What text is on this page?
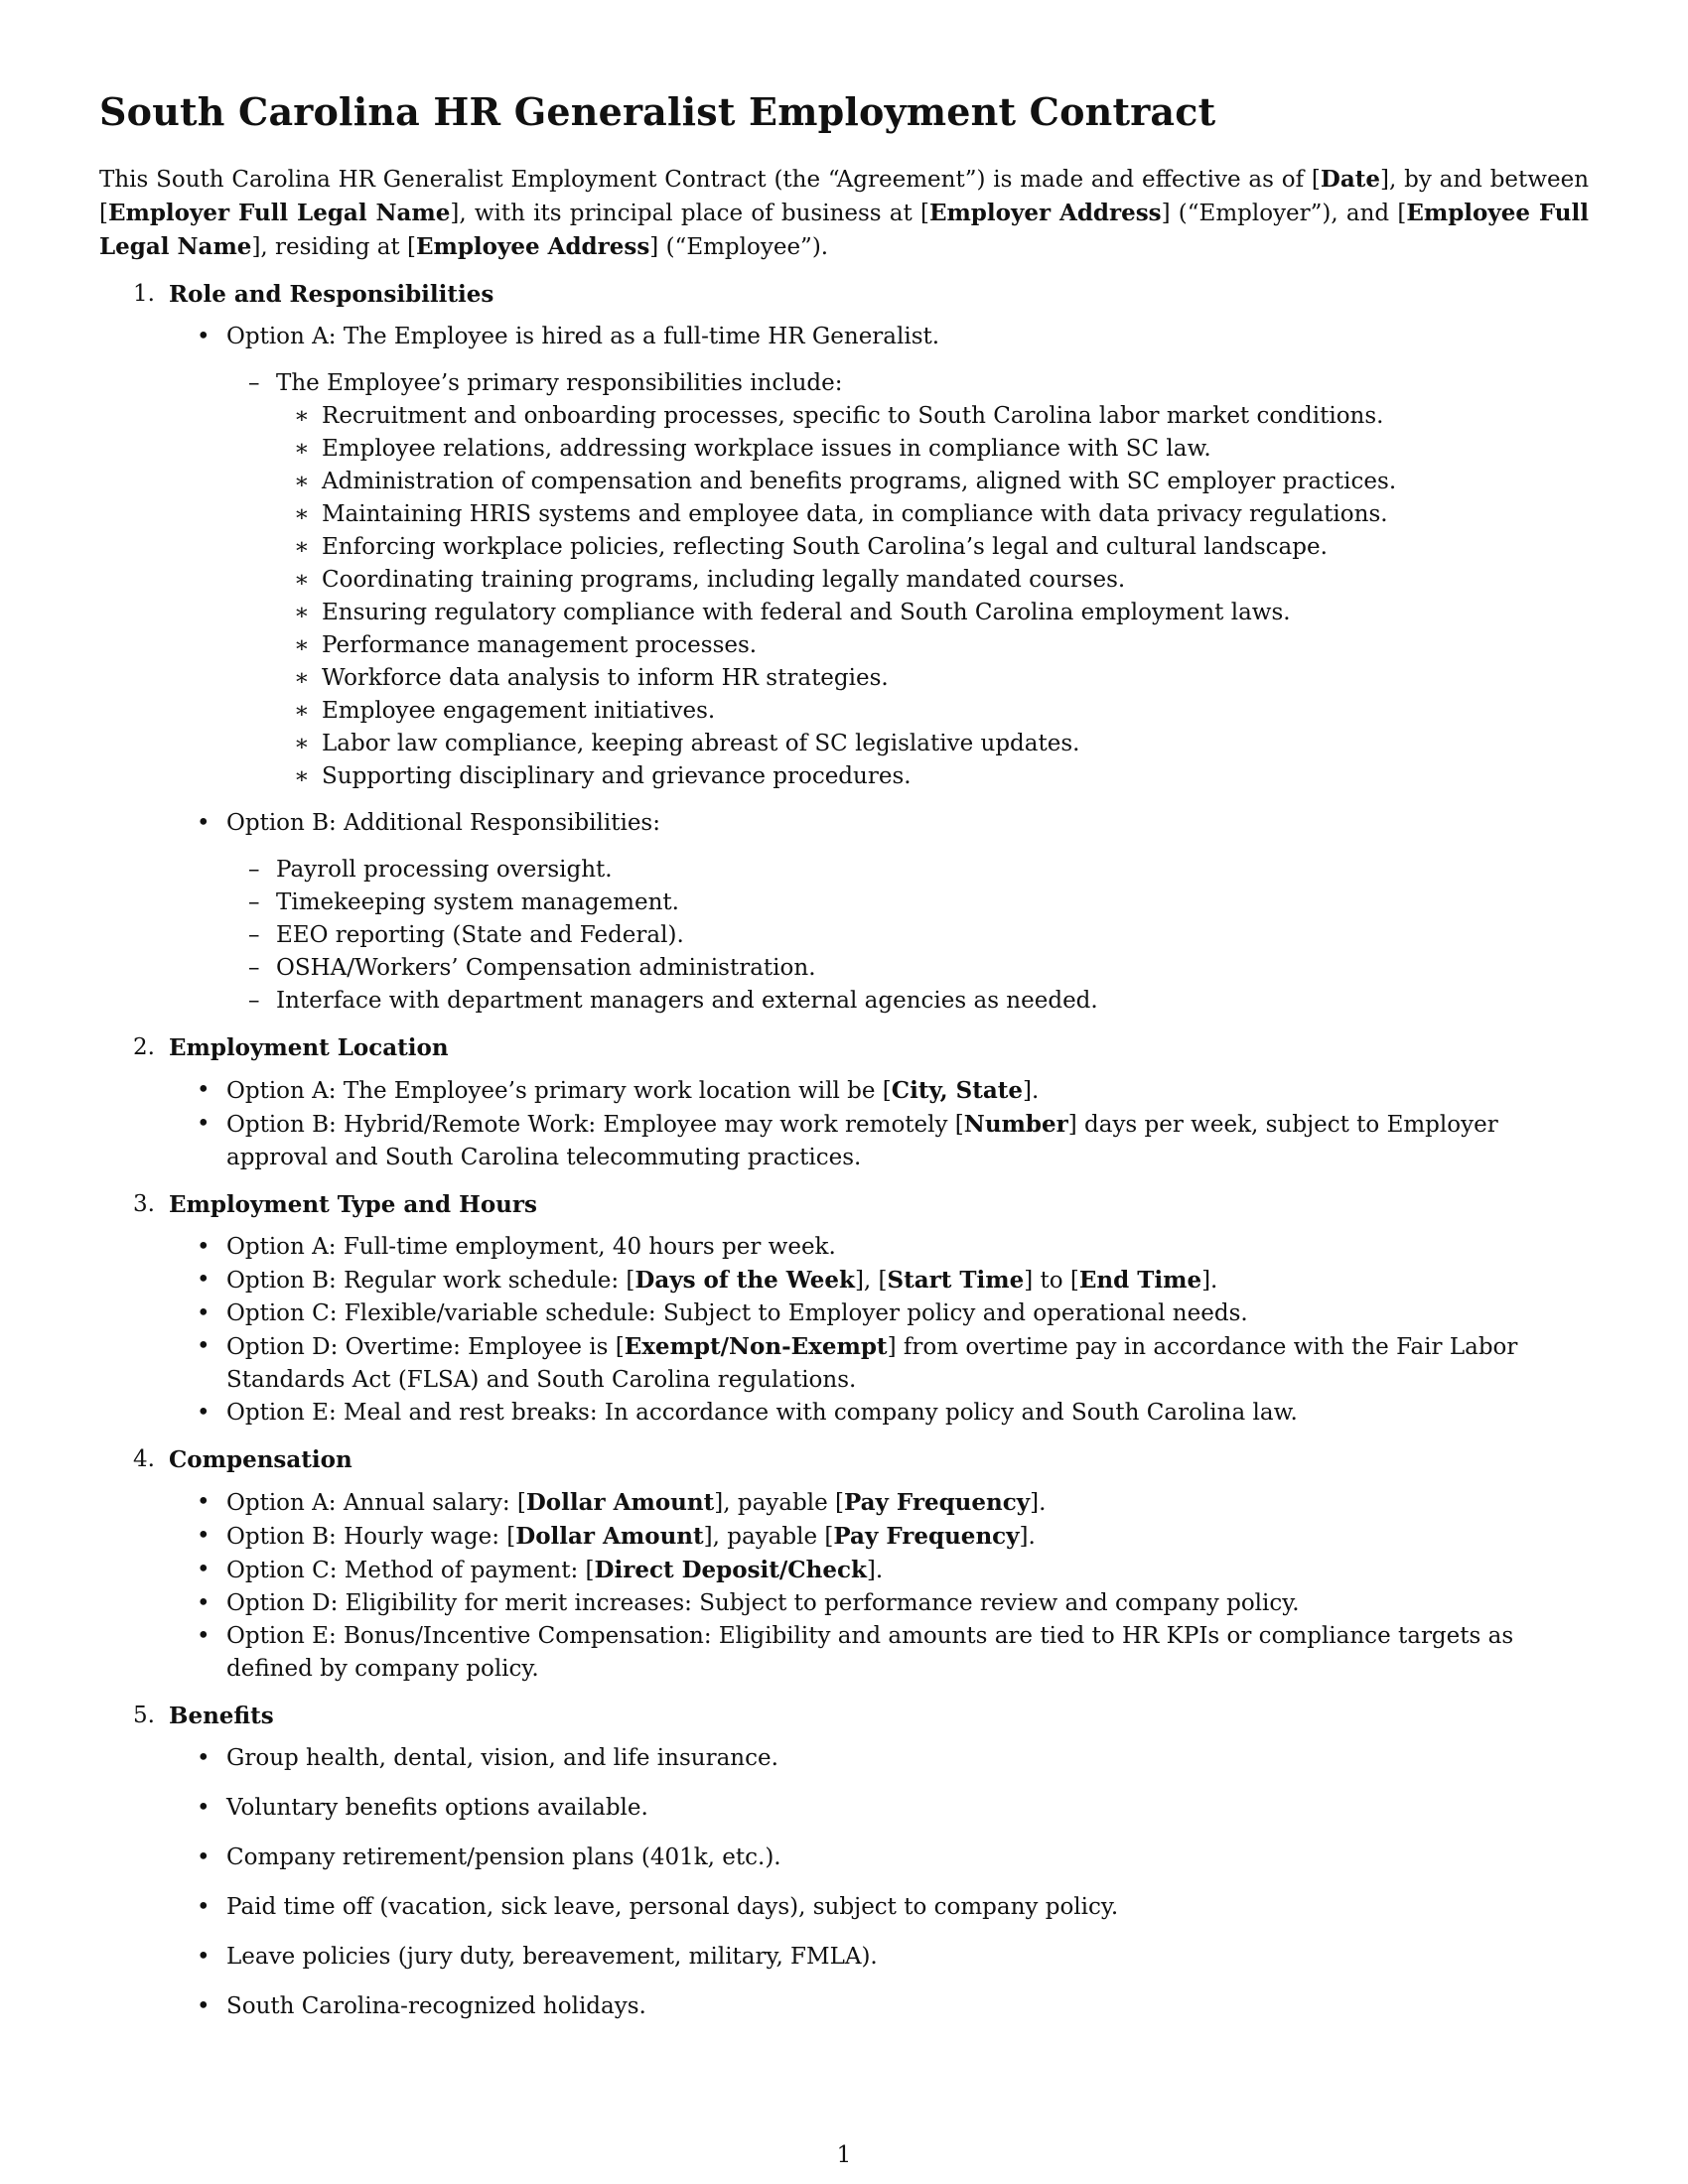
South Carolina HR Generalist Employment Contract

This South Carolina HR Generalist Employment Contract (the “Agreement”) is made and effective as of [Date], by and between [Employer Full Legal Name], with its principal place of business at [Employer Address] (“Employer”), and [Employee Full Legal Name], residing at [Employee Address] (“Employee”).

1. Role and Responsibilities
• Option A: The Employee is hired as a full-time HR Generalist.
– The Employee’s primary responsibilities include:
∗ Recruitment and onboarding processes, specific to South Carolina labor market conditions.
∗ Employee relations, addressing workplace issues in compliance with SC law.
∗ Administration of compensation and benefits programs, aligned with SC employer practices.
∗ Maintaining HRIS systems and employee data, in compliance with data privacy regulations.
∗ Enforcing workplace policies, reflecting South Carolina’s legal and cultural landscape.
∗ Coordinating training programs, including legally mandated courses.
∗ Ensuring regulatory compliance with federal and South Carolina employment laws.
∗ Performance management processes.
∗ Workforce data analysis to inform HR strategies.
∗ Employee engagement initiatives.
∗ Labor law compliance, keeping abreast of SC legislative updates.
∗ Supporting disciplinary and grievance procedures.
• Option B: Additional Responsibilities:
– Payroll processing oversight.
– Timekeeping system management.
– EEO reporting (State and Federal).
– OSHA/Workers’ Compensation administration.
– Interface with department managers and external agencies as needed.
2. Employment Location
• Option A: The Employee’s primary work location will be [City, State].
• Option B: Hybrid/Remote Work: Employee may work remotely [Number] days per week, subject to Employer approval and South Carolina telecommuting practices.
3. Employment Type and Hours
• Option A: Full-time employment, 40 hours per week.
• Option B: Regular work schedule: [Days of the Week], [Start Time] to [End Time].
• Option C: Flexible/variable schedule: Subject to Employer policy and operational needs.
• Option D: Overtime: Employee is [Exempt/Non-Exempt] from overtime pay in accordance with the Fair Labor Standards Act (FLSA) and South Carolina regulations.
• Option E: Meal and rest breaks: In accordance with company policy and South Carolina law.
4. Compensation
• Option A: Annual salary: [Dollar Amount], payable [Pay Frequency].
• Option B: Hourly wage: [Dollar Amount], payable [Pay Frequency].
• Option C: Method of payment: [Direct Deposit/Check].
• Option D: Eligibility for merit increases: Subject to performance review and company policy.
• Option E: Bonus/Incentive Compensation: Eligibility and amounts are tied to HR KPIs or compliance targets as defined by company policy.
5. Benefits
• Group health, dental, vision, and life insurance.
• Voluntary benefits options available.
• Company retirement/pension plans (401k, etc.).
• Paid time off (vacation, sick leave, personal days), subject to company policy.
• Leave policies (jury duty, bereavement, military, FMLA).
• South Carolina-recognized holidays.
1
